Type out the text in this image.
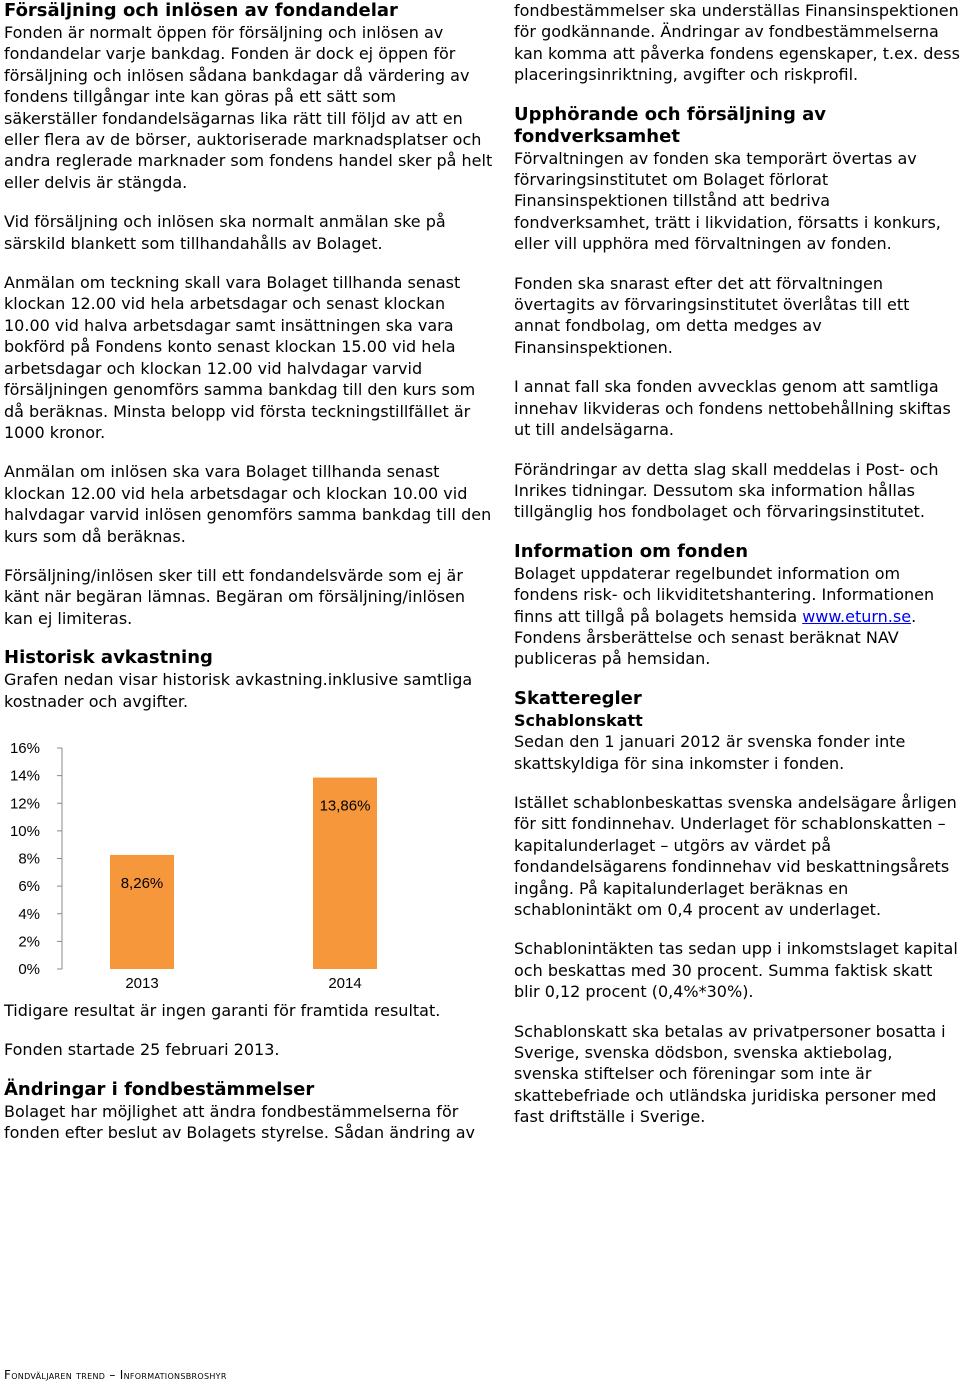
Försäljning och inlösen av fondandelar

Fonden är normalt öppen för försäljning och inlösen av fondandelar varje bankdag. Fonden är dock ej öppen för försäljning och inlösen sådana bankdagar då värdering av fondens tillgångar inte kan göras på ett sätt som säkerställer fondandelsägarnas lika rätt till följd av att en eller flera av de börser, auktoriserade marknadsplatser och andra reglerade marknader som fondens handel sker på helt eller delvis är stängda.

Vid försäljning och inlösen ska normalt anmälan ske på särskild blankett som tillhandahålls av Bolaget.

Anmälan om teckning skall vara Bolaget tillhanda senast klockan 12.00 vid hela arbetsdagar och senast klockan 10.00 vid halva arbetsdagar samt insättningen ska vara bokförd på Fondens konto senast klockan 15.00 vid hela arbetsdagar och klockan 12.00 vid halvdagar varvid försäljningen genomförs samma bankdag till den kurs som då beräknas. Minsta belopp vid första teckningstillfället är 1000 kronor.

Anmälan om inlösen ska vara Bolaget tillhanda senast klockan 12.00 vid hela arbetsdagar och klockan 10.00 vid halvdagar varvid inlösen genomförs samma bankdag till den kurs som då beräknas.

Försäljning/inlösen sker till ett fondandelsvärde som ej är känt när begäran lämnas. Begäran om försäljning/inlösen kan ej limiteras.

Historisk avkastning

Grafen nedan visar historisk avkastning.inklusive samtliga kostnader och avgifter.

0%
2%
4%
6%
8%
10%
12%
14%
16%
8,26%
2013
13,86%
2014

Tidigare resultat är ingen garanti för framtida resultat.

Fonden startade 25 februari 2013.

Ändringar i fondbestämmelser

Bolaget har möjlighet att ändra fondbestämmelserna för fonden efter beslut av Bolagets styrelse. Sådan ändring av

fondbestämmelser ska underställas Finansinspektionen för godkännande. Ändringar av fondbestämmelserna kan komma att påverka fondens egenskaper, t.ex. dess placeringsinriktning, avgifter och riskprofil.

Upphörande och försäljning av fondverksamhet

Förvaltningen av fonden ska temporärt övertas av förvaringsinstitutet om Bolaget förlorat Finansinspektionen tillstånd att bedriva fondverksamhet, trätt i likvidation, försatts i konkurs, eller vill upphöra med förvaltningen av fonden.

Fonden ska snarast efter det att förvaltningen övertagits av förvaringsinstitutet överlåtas till ett annat fondbolag, om detta medges av Finansinspektionen.

I annat fall ska fonden avvecklas genom att samtliga innehav likvideras och fondens nettobehållning skiftas ut till andelsägarna.

Förändringar av detta slag skall meddelas i Post- och Inrikes tidningar. Dessutom ska information hållas tillgänglig hos fondbolaget och förvaringsinstitutet.

Information om fonden

Bolaget uppdaterar regelbundet information om fondens risk- och likviditetshantering. Informationen finns att tillgå på bolagets hemsida www.eturn.se. Fondens årsberättelse och senast beräknat NAV publiceras på hemsidan.

Skatteregler

Schablonskatt

Sedan den 1 januari 2012 är svenska fonder inte skattskyldiga för sina inkomster i fonden.

Istället schablonbeskattas svenska andelsägare årligen för sitt fondinnehav. Underlaget för schablonskatten – kapitalunderlaget – utgörs av värdet på fondandelsägarens fondinnehav vid beskattningsårets ingång. På kapitalunderlaget beräknas en schablonintäkt om 0,4 procent av underlaget.

Schablonintäkten tas sedan upp i inkomstslaget kapital och beskattas med 30 procent. Summa faktisk skatt blir 0,12 procent (0,4%*30%).

Schablonskatt ska betalas av privatpersoner bosatta i Sverige, svenska dödsbon, svenska aktiebolag, svenska stiftelser och föreningar som inte är skattebefriade och utländska juridiska personer med fast driftställe i Sverige.

Fondväljaren trend – Informationsbroshyr
